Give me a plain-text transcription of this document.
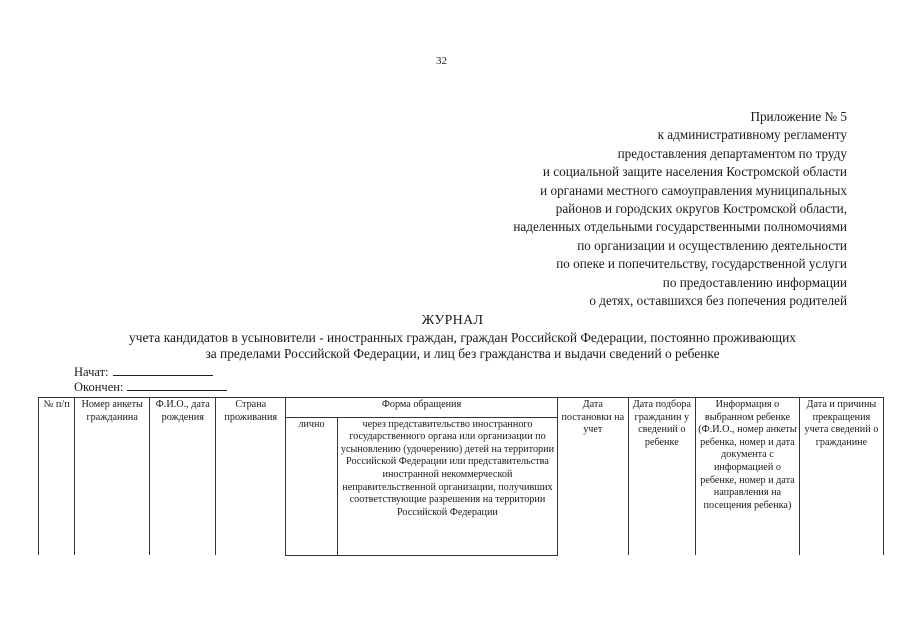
32
Приложение № 5
к административному регламенту
предоставления департаментом по труду
и социальной защите населения Костромской области
и органами местного самоуправления муниципальных
районов и городских округов Костромской области,
наделенных отдельными государственными полномочиями
по организации и осуществлению деятельности
по опеке и попечительству, государственной услуги
по предоставлению информации
о детях, оставшихся без попечения родителей
ЖУРНАЛ
учета кандидатов в усыновители - иностранных граждан, граждан Российской Федерации, постоянно проживающих
за пределами Российской Федерации, и лиц без гражданства и выдачи сведений о ребенке
Начат:
Окончен:
№ п/п	Номер анкеты гражданина	Ф.И.О., дата рождения	Страна проживания	Форма обращения		Дата постановки на учет	Дата подбора гражданин у сведений о ребенке	Информация о выбранном ребенке (Ф.И.О., номер анкеты ребенка, номер и дата документа с информацией о ребенке, номер и дата направления на посещения ребенка)	Дата и причины прекращения учета сведений о гражданине
				лично	через представительство иностранного государственного органа или организации по усыновлению (удочерению) детей на территории Российской Федерации или представительства иностранной некоммерческой неправительственной организации, получивших соответствующие разрешения на территории Российской Федерации				
